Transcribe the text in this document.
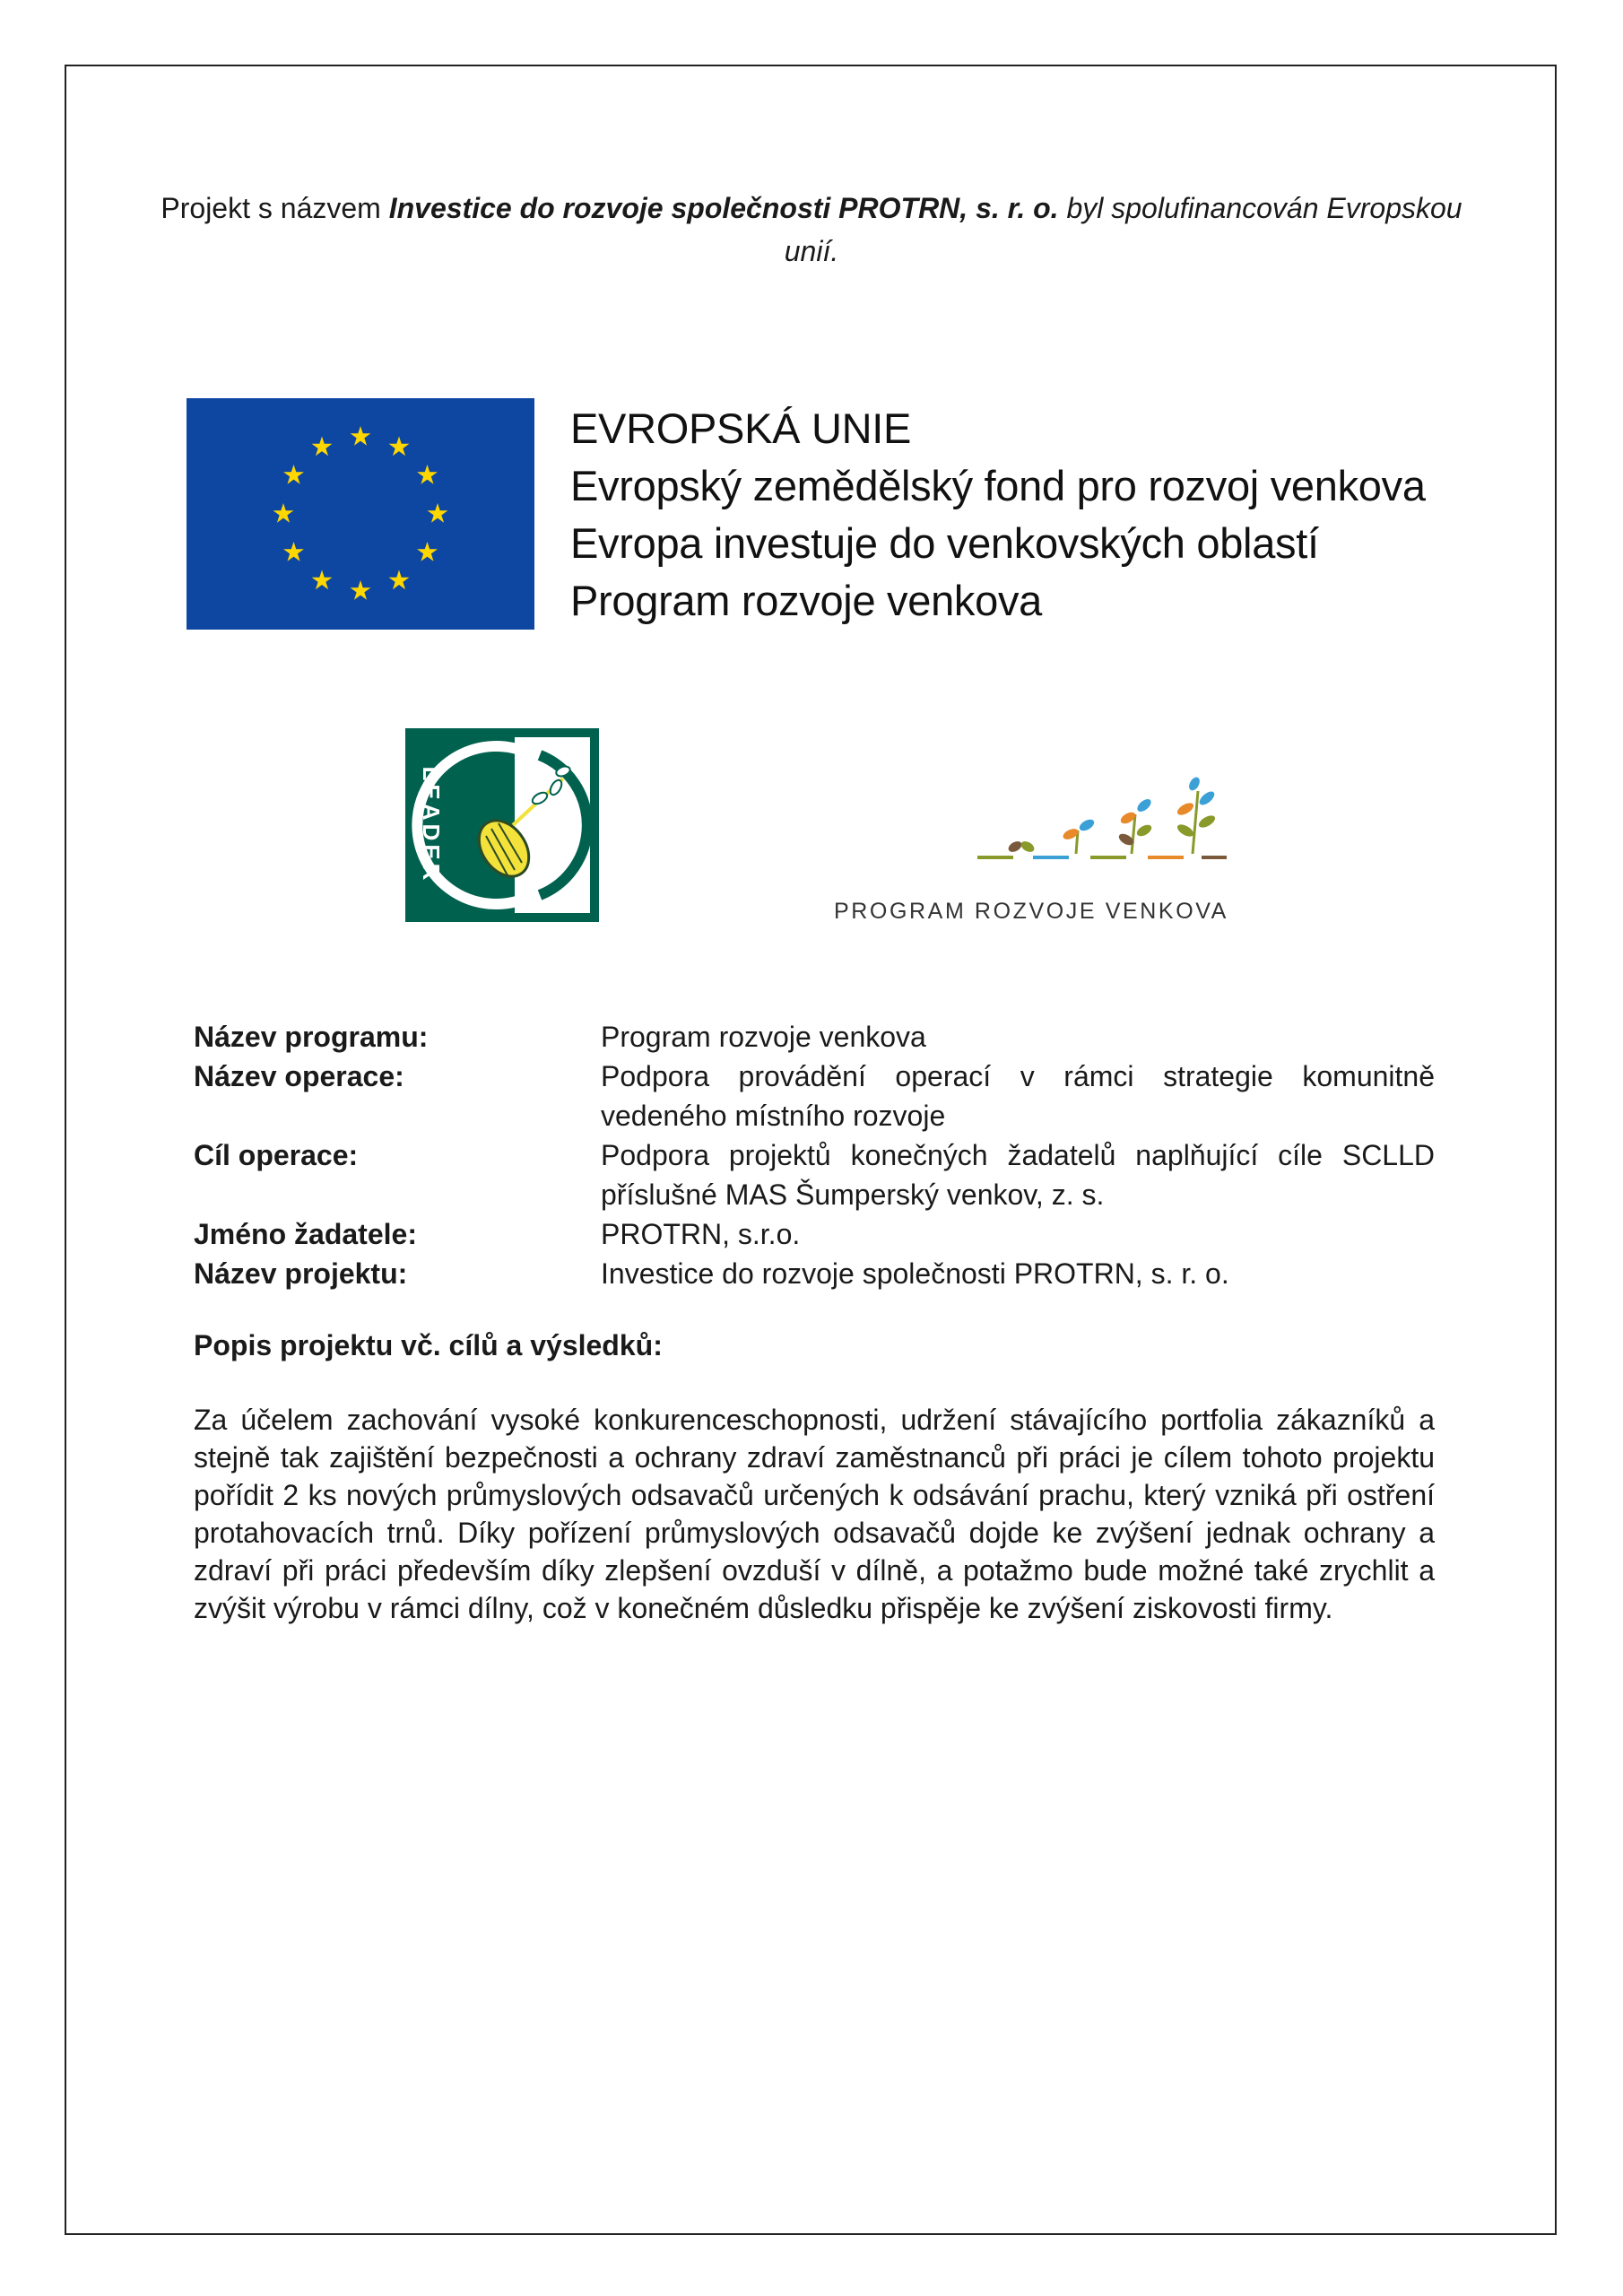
Projekt s názvem Investice do rozvoje společnosti PROTRN, s. r. o. byl spolufinancován Evropskou unií.
EVROPSKÁ UNIE
Evropský zemědělský fond pro rozvoj venkova
Evropa investuje do venkovských oblastí
Program rozvoje venkova
LEADER
PROGRAM ROZVOJE VENKOVA
Název programu:	Program rozvoje venkova
Název operace:	Podpora provádění operací v rámci strategie komunitně vedeného místního rozvoje
Cíl operace:	Podpora projektů konečných žadatelů naplňující cíle SCLLD příslušné MAS Šumperský venkov, z. s.
Jméno žadatele:	PROTRN, s.r.o.
Název projektu:	Investice do rozvoje společnosti PROTRN, s. r. o.
Popis projektu vč. cílů a výsledků:
Za účelem zachování vysoké konkurenceschopnosti, udržení stávajícího portfolia zákazníků a stejně tak zajištění bezpečnosti a ochrany zdraví zaměstnanců při práci je cílem tohoto projektu pořídit 2 ks nových průmyslových odsavačů určených k odsávání prachu, který vzniká při ostření protahovacích trnů. Díky pořízení průmyslových odsavačů dojde ke zvýšení jednak ochrany a zdraví při práci především díky zlepšení ovzduší v dílně, a potažmo bude možné také zrychlit a zvýšit výrobu v rámci dílny, což v konečném důsledku přispěje ke zvýšení ziskovosti firmy.
